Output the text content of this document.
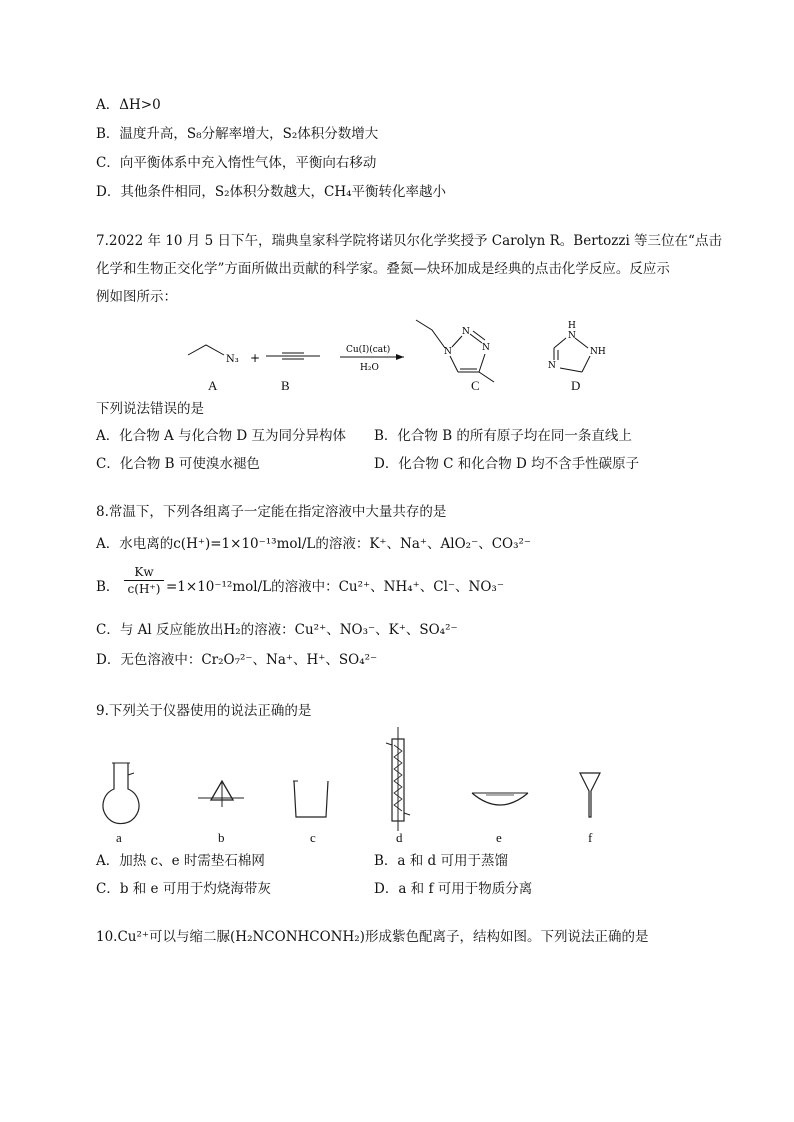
A．ΔH>0
B．温度升高，S₈分解率增大，S₂体积分数增大
C．向平衡体系中充入惰性气体，平衡向右移动
D．其他条件相同，S₂体积分数越大，CH₄平衡转化率越小
7.2022 年 10 月 5 日下午，瑞典皇家科学院将诺贝尔化学奖授予 Carolyn R。Bertozzi 等三位在“点击
化学和生物正交化学”方面所做出贡献的科学家。叠氮—炔环加成是经典的点击化学反应。反应示
例如图所示：
N₃ +
Cu(I)(cat)
H₂O
N
N
N
H
N
NH
N
A	B	C	D
下列说法错误的是
A．化合物 A 与化合物 D 互为同分异构体 B．化合物 B 的所有原子均在同一条直线上
C．化合物 B 可使溴水褪色	D．化合物 C 和化合物 D 均不含手性碳原子
8.常温下，下列各组离子一定能在指定溶液中大量共存的是
A．水电离的c(H⁺)=1×10⁻¹³mol/L的溶液：K⁺、Na⁺、AlO₂⁻、CO₃²⁻
B． $\frac{Kw}{c(H^+)} =1\times 10^{-12}mol/L$的溶液中：Cu²⁺、NH₄⁺、Cl⁻、NO₃⁻
C．与 Al 反应能放出H₂的溶液：Cu²⁺、NO₃⁻、K⁺、SO₄²⁻
D．无色溶液中：Cr₂O₇²⁻、Na⁺、H⁺、SO₄²⁻
9.下列关于仪器使用的说法正确的是
a	b	c	d	e	f
A．加热 c、e 时需垫石棉网	B．a 和 d 可用于蒸馏
C．b 和 e 可用于灼烧海带灰	D．a 和 f 可用于物质分离
10.Cu²⁺可以与缩二脲(H₂NCONHCONH₂)形成紫色配离子，结构如图。下列说法正确的是
